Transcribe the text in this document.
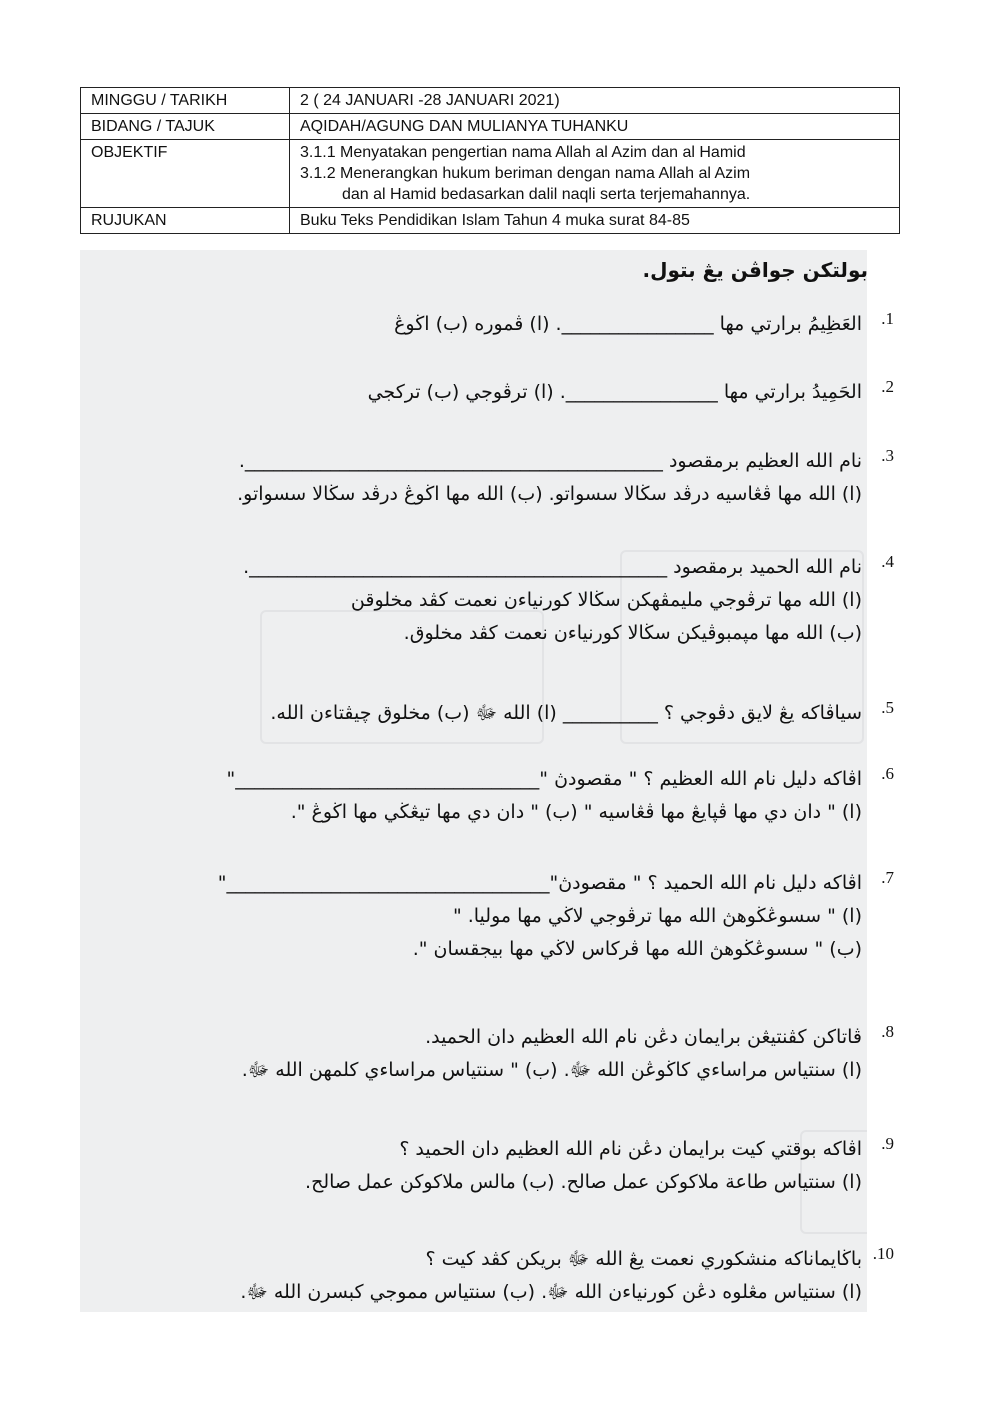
MINGGU / TARIKH	2 ( 24 JANUARI -28 JANUARI 2021)

BIDANG / TAJUK	AQIDAH/AGUNG DAN MULIANYA TUHANKU

OBJEKTIF	3.1.1 Menyatakan pengertian nama Allah al Azim dan al Hamid
3.1.2 Menerangkan hukum beriman dengan nama Allah al Azim
dan al Hamid bedasarkan dalil naqli serta terjemahannya.

RUJUKAN	Buku Teks Pendidikan Islam Tahun 4 muka surat 84-85
بولتكن جواڤن يڠ بتول.
.1
العَظِيمُ برارتي مها ________________. (ا) ڤموره (ب) اڬوڠ
.2
الحَمِيدُ برارتي مها ________________. (ا) ترڤوجي (ب) تركجي
.3
نام الله العظيم برمقصود ____________________________________________.
(ا) الله مها ڤڠاسيه درڤد سڬالا سسواتو. (ب) الله مها اڬوڠ درڤد سڬالا سسواتو.
.4
نام الله الحميد برمقصود ____________________________________________.
(ا) الله مها ترڤوجي مليمڤهكن سڬالا كورنياءن نعمت كڤد مخلوقن
(ب) الله مها مپمبوڤيكن سڬالا كورنياءن نعمت كڤد مخلوق.
.5
سياڤاكه يڠ لايق دڤوجي ؟ __________ (ا) الله ﷻ (ب) مخلوق چيڤتاءن الله.
.6
اڤاكه دليل نام الله العظيم ؟ " مقصودڽ "________________________________"
(ا) " دان دي مها ڤڽايڠ مها ڤڠاسيه " (ب) " دان دي مها تيڠڬي مها اڬوڠ ".
.7
اڤاكه دليل نام الله الحميد ؟ " مقصودڽ"__________________________________"
(ا) " سسوڠڬوهڽ الله مها ترڤوجي لاڬي مها موليا. "
(ب) " سسوڠڬوهڽ الله مها ڤركاس لاڬي مها بيجقسان ".
.8
ڤاتاكن كڤنتيڠن برايمان دڠن نام الله العظيم دان الحميد.
(ا) سنتياس مراساءي كاڬوڠن الله ﷻ. (ب) " سنتياس مراساءي كلمهن الله ﷻ.
.9
اڤاكه بوقتي كيت برايمان دڠن نام الله العظيم دان الحميد ؟
(ا) سنتياس طاعة ملاكوكن عمل صالح. (ب) مالس ملاكوكن عمل صالح.
.10
باڬايماناكه منشكوري نعمت يڠ الله ﷻ بريكن كڤد كيت ؟
(ا) سنتياس مڠلوه دڠن كورنياءن الله ﷻ. (ب) سنتياس مموجي كبسرن الله ﷻ.
